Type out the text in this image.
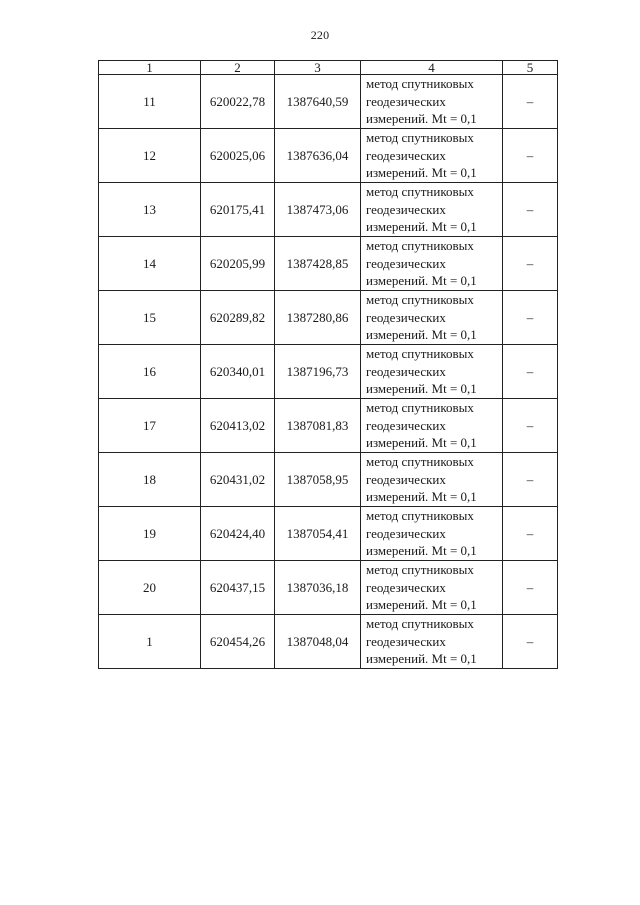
220
1	2	3	4	5
11	620022,78	1387640,59	метод спутниковых
геодезических
измерений. Mt = 0,1	–
12	620025,06	1387636,04	метод спутниковых
геодезических
измерений. Mt = 0,1	–
13	620175,41	1387473,06	метод спутниковых
геодезических
измерений. Mt = 0,1	–
14	620205,99	1387428,85	метод спутниковых
геодезических
измерений. Mt = 0,1	–
15	620289,82	1387280,86	метод спутниковых
геодезических
измерений. Mt = 0,1	–
16	620340,01	1387196,73	метод спутниковых
геодезических
измерений. Mt = 0,1	–
17	620413,02	1387081,83	метод спутниковых
геодезических
измерений. Mt = 0,1	–
18	620431,02	1387058,95	метод спутниковых
геодезических
измерений. Mt = 0,1	–
19	620424,40	1387054,41	метод спутниковых
геодезических
измерений. Mt = 0,1	–
20	620437,15	1387036,18	метод спутниковых
геодезических
измерений. Mt = 0,1	–
1	620454,26	1387048,04	метод спутниковых
геодезических
измерений. Mt = 0,1	–
